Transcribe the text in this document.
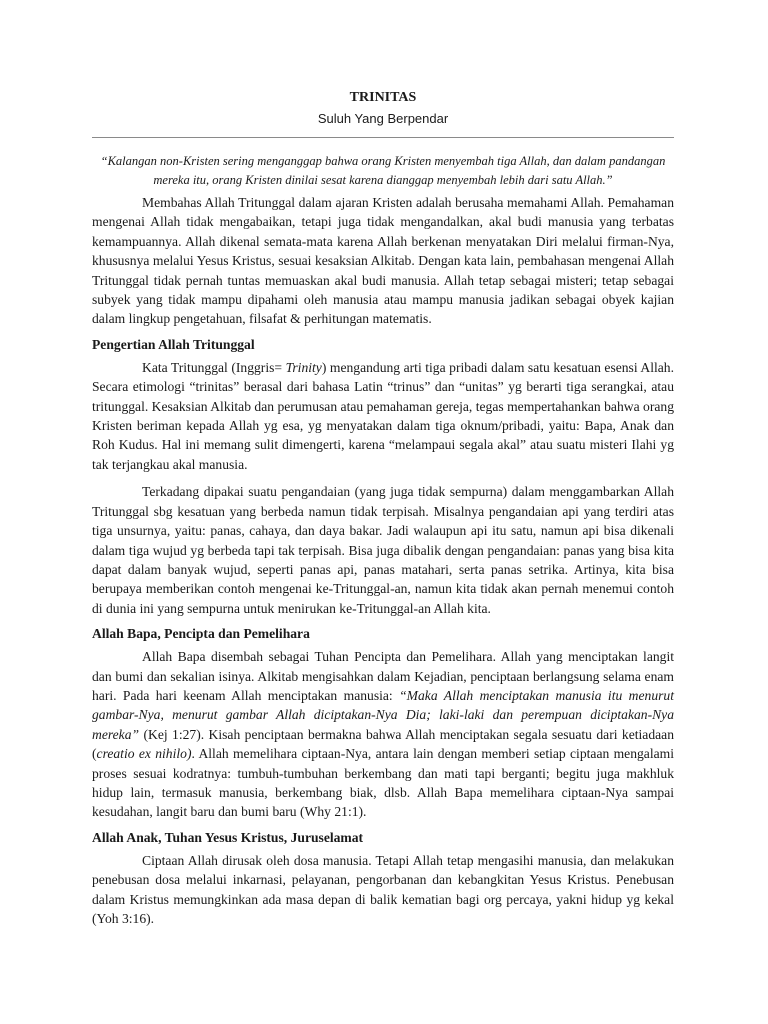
TRINITAS
Suluh Yang Berpendar

“Kalangan non-Kristen sering menganggap bahwa orang Kristen menyembah tiga Allah, dan dalam pandangan mereka itu, orang Kristen dinilai sesat karena dianggap menyembah lebih dari satu Allah.”

Membahas Allah Tritunggal dalam ajaran Kristen adalah berusaha memahami Allah. Pemahaman mengenai Allah tidak mengabaikan, tetapi juga tidak mengandalkan, akal budi manusia yang terbatas kemampuannya. Allah dikenal semata-mata karena Allah berkenan menyatakan Diri melalui firman-Nya, khususnya melalui Yesus Kristus, sesuai kesaksian Alkitab. Dengan kata lain, pembahasan mengenai Allah Tritunggal tidak pernah tuntas memuaskan akal budi manusia. Allah tetap sebagai misteri; tetap sebagai subyek yang tidak mampu dipahami oleh manusia atau mampu manusia jadikan sebagai obyek kajian dalam lingkup pengetahuan, filsafat & perhitungan matematis.

Pengertian Allah Tritunggal

Kata Tritunggal (Inggris= Trinity) mengandung arti tiga pribadi dalam satu kesatuan esensi Allah. Secara etimologi “trinitas” berasal dari bahasa Latin “trinus” dan “unitas” yg berarti tiga serangkai, atau tritunggal. Kesaksian Alkitab dan perumusan atau pemahaman gereja, tegas mempertahankan bahwa orang Kristen beriman kepada Allah yg esa, yg menyatakan dalam tiga oknum/pribadi, yaitu: Bapa, Anak dan Roh Kudus. Hal ini memang sulit dimengerti, karena “melampaui segala akal” atau suatu misteri Ilahi yg tak terjangkau akal manusia.

Terkadang dipakai suatu pengandaian (yang juga tidak sempurna) dalam menggambarkan Allah Tritunggal sbg kesatuan yang berbeda namun tidak terpisah. Misalnya pengandaian api yang terdiri atas tiga unsurnya, yaitu: panas, cahaya, dan daya bakar. Jadi walaupun api itu satu, namun api bisa dikenali dalam tiga wujud yg berbeda tapi tak terpisah. Bisa juga dibalik dengan pengandaian: panas yang bisa kita dapat dalam banyak wujud, seperti panas api, panas matahari, serta panas setrika. Artinya, kita bisa berupaya memberikan contoh mengenai ke-Tritunggal-an, namun kita tidak akan pernah menemui contoh di dunia ini yang sempurna untuk menirukan ke-Tritunggal-an Allah kita.

Allah Bapa, Pencipta dan Pemelihara

Allah Bapa disembah sebagai Tuhan Pencipta dan Pemelihara. Allah yang menciptakan langit dan bumi dan sekalian isinya. Alkitab mengisahkan dalam Kejadian, penciptaan berlangsung selama enam hari. Pada hari keenam Allah menciptakan manusia: “Maka Allah menciptakan manusia itu menurut gambar-Nya, menurut gambar Allah diciptakan-Nya Dia; laki-laki dan perempuan diciptakan-Nya mereka” (Kej 1:27). Kisah penciptaan bermakna bahwa Allah menciptakan segala sesuatu dari ketiadaan (creatio ex nihilo). Allah memelihara ciptaan-Nya, antara lain dengan memberi setiap ciptaan mengalami proses sesuai kodratnya: tumbuh-tumbuhan berkembang dan mati tapi berganti; begitu juga makhluk hidup lain, termasuk manusia, berkembang biak, dlsb. Allah Bapa memelihara ciptaan-Nya sampai kesudahan, langit baru dan bumi baru (Why 21:1).

Allah Anak, Tuhan Yesus Kristus, Juruselamat

Ciptaan Allah dirusak oleh dosa manusia. Tetapi Allah tetap mengasihi manusia, dan melakukan penebusan dosa melalui inkarnasi, pelayanan, pengorbanan dan kebangkitan Yesus Kristus. Penebusan dalam Kristus memungkinkan ada masa depan di balik kematian bagi org percaya, yakni hidup yg kekal (Yoh 3:16).
